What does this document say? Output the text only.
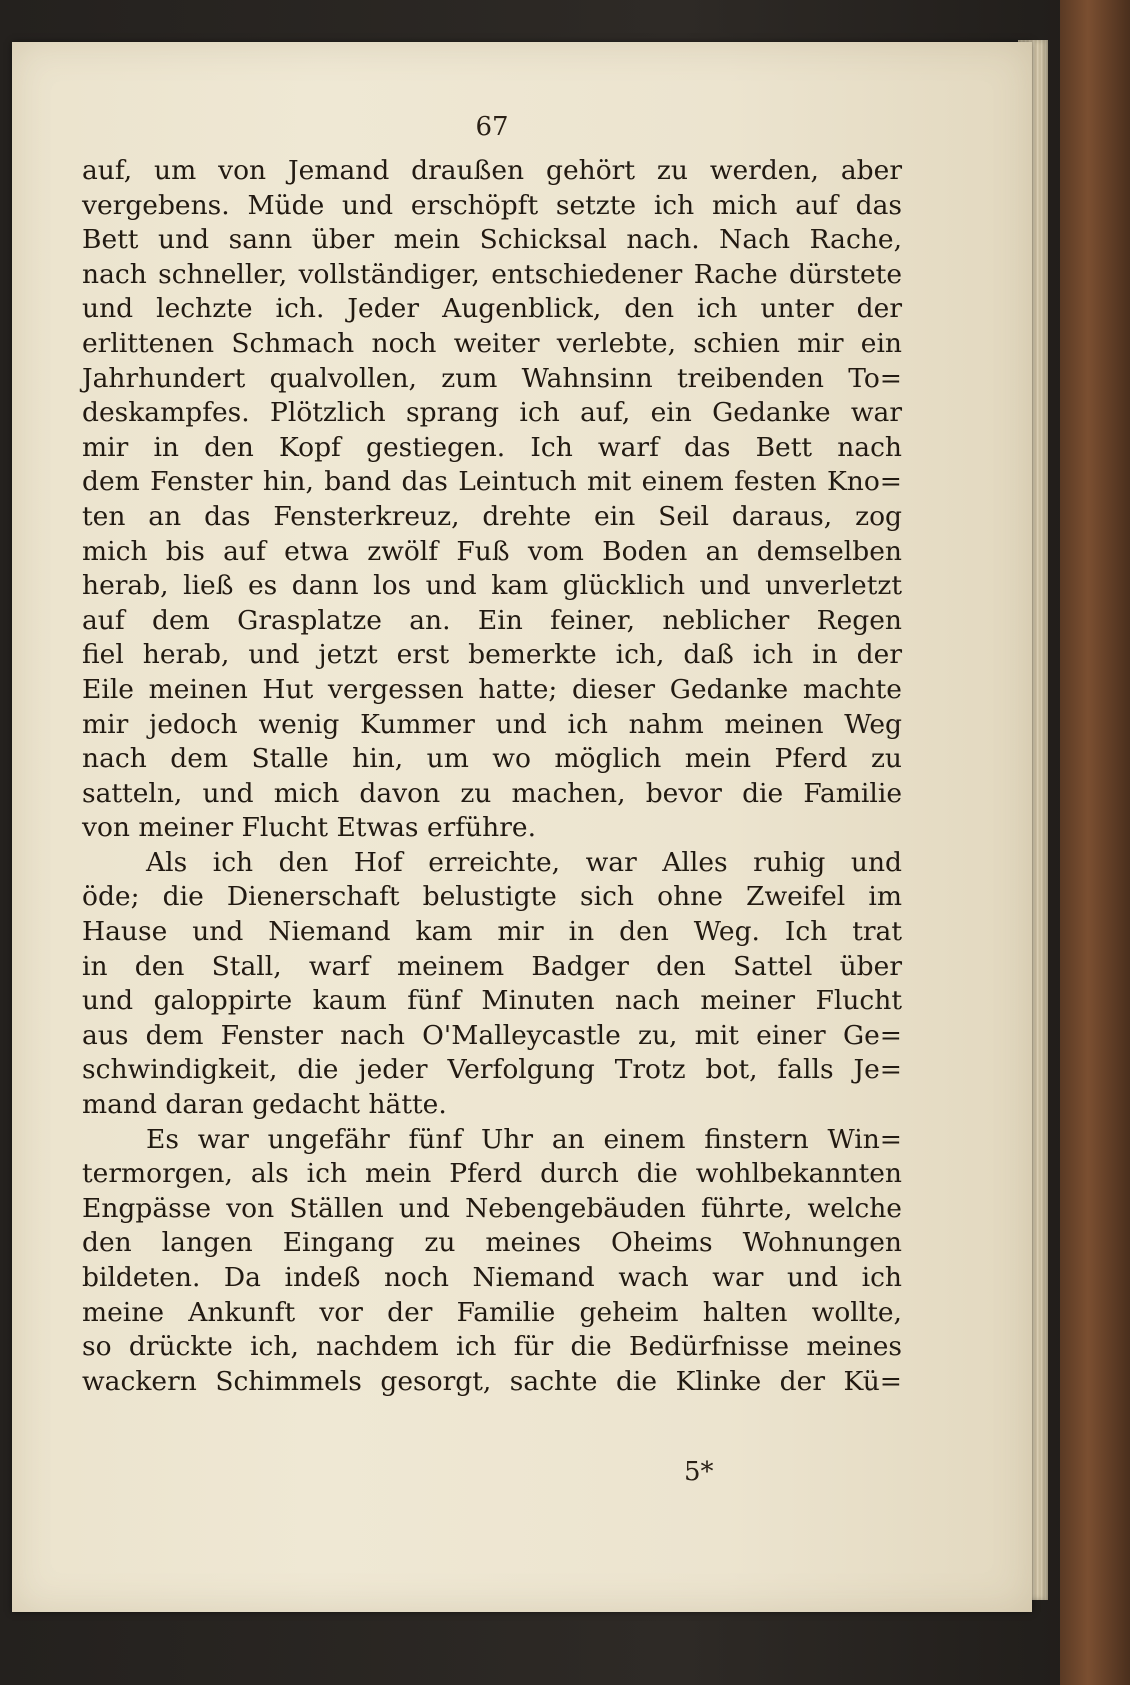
67
auf, um von Jemand draußen gehört zu werden, aber
vergebens. Müde und erschöpft setzte ich mich auf das
Bett und sann über mein Schicksal nach. Nach Rache,
nach schneller, vollständiger, entschiedener Rache dürstete
und lechzte ich. Jeder Augenblick, den ich unter der
erlittenen Schmach noch weiter verlebte, schien mir ein
Jahrhundert qualvollen, zum Wahnsinn treibenden To=
deskampfes. Plötzlich sprang ich auf, ein Gedanke war
mir in den Kopf gestiegen. Ich warf das Bett nach
dem Fenster hin, band das Leintuch mit einem festen Kno=
ten an das Fensterkreuz, drehte ein Seil daraus, zog
mich bis auf etwa zwölf Fuß vom Boden an demselben
herab, ließ es dann los und kam glücklich und unverletzt
auf dem Grasplatze an. Ein feiner, neblicher Regen
fiel herab, und jetzt erst bemerkte ich, daß ich in der
Eile meinen Hut vergessen hatte; dieser Gedanke machte
mir jedoch wenig Kummer und ich nahm meinen Weg
nach dem Stalle hin, um wo möglich mein Pferd zu
satteln, und mich davon zu machen, bevor die Familie
von meiner Flucht Etwas erführe.
Als ich den Hof erreichte, war Alles ruhig und
öde; die Dienerschaft belustigte sich ohne Zweifel im
Hause und Niemand kam mir in den Weg. Ich trat
in den Stall, warf meinem Badger den Sattel über
und galoppirte kaum fünf Minuten nach meiner Flucht
aus dem Fenster nach O'Malleycastle zu, mit einer Ge=
schwindigkeit, die jeder Verfolgung Trotz bot, falls Je=
mand daran gedacht hätte.
Es war ungefähr fünf Uhr an einem finstern Win=
termorgen, als ich mein Pferd durch die wohlbekannten
Engpässe von Ställen und Nebengebäuden führte, welche
den langen Eingang zu meines Oheims Wohnungen
bildeten. Da indeß noch Niemand wach war und ich
meine Ankunft vor der Familie geheim halten wollte,
so drückte ich, nachdem ich für die Bedürfnisse meines
wackern Schimmels gesorgt, sachte die Klinke der Kü=
5*
